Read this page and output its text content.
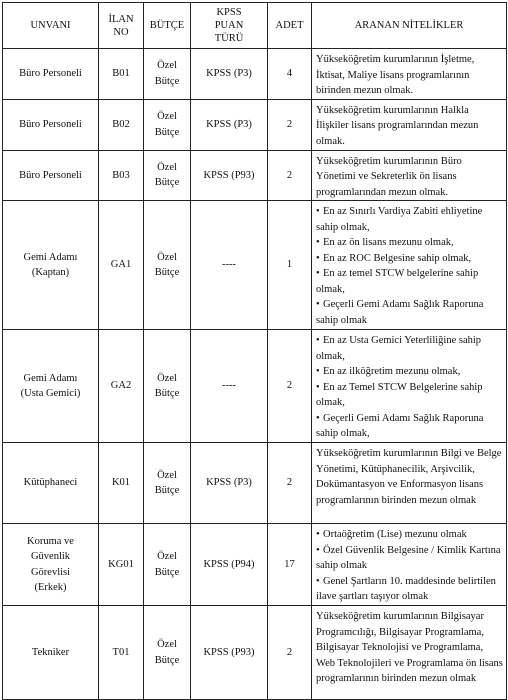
UNVANI	İLAN NO	BÜTÇE	KPSS PUAN TÜRÜ	ADET	ARANAN NİTELİKLER
Büro Personeli	B01	Özel Bütçe	KPSS (P3)	4	Yükseköğretim kurumlarının İşletme, İktisat, Maliye lisans programlarının birinden mezun olmak.
Büro Personeli	B02	Özel Bütçe	KPSS (P3)	2	Yükseköğretim kurumlarının Halkla İlişkiler lisans programlarından mezun olmak.
Büro Personeli	B03	Özel Bütçe	KPSS (P93)	2	Yükseköğretim kurumlarının Büro Yönetimi ve Sekreterlik ön lisans programlarından mezun olmak.
Gemi Adamı (Kaptan)	GA1	Özel Bütçe	----	1	• En az Sınırlı Vardiya Zabiti ehliyetine sahip olmak,
• En az ön lisans mezunu olmak,
• En az ROC Belgesine sahip olmak,
• En az temel STCW belgelerine sahip olmak,
• Geçerli Gemi Adamı Sağlık Raporuna sahip olmak

Gemi Adamı (Usta Gemici)	GA2	Özel Bütçe	----	2	• En az Usta Gemici Yeterliliğine sahip olmak,
• En az ilköğretim mezunu olmak,
• En az Temel STCW Belgelerine sahip olmak,
• Geçerli Gemi Adamı Sağlık Raporuna sahip olmak,

Kütüphaneci	K01	Özel Bütçe	KPSS (P3)	2	Yükseköğretim kurumlarının Bilgi ve Belge Yönetimi, Kütüphanecilik, Arşivcilik, Dokümantasyon ve Enformasyon lisans programlarının birinden mezun olmak
Koruma ve Güvenlik Görevlisi (Erkek)	KG01	Özel Bütçe	KPSS (P94)	17	• Ortaöğretim (Lise) mezunu olmak
• Özel Güvenlik Belgesine / Kimlik Kartına sahip olmak
• Genel Şartların 10. maddesinde belirtilen ilave şartları taşıyor olmak

Tekniker	T01	Özel Bütçe	KPSS (P93)	2	Yükseköğretim kurumlarının Bilgisayar Programcılığı, Bilgisayar Programlama, Bilgisayar Teknolojisi ve Programlama, Web Teknolojileri ve Programlama ön lisans programlarının birinden mezun olmak
